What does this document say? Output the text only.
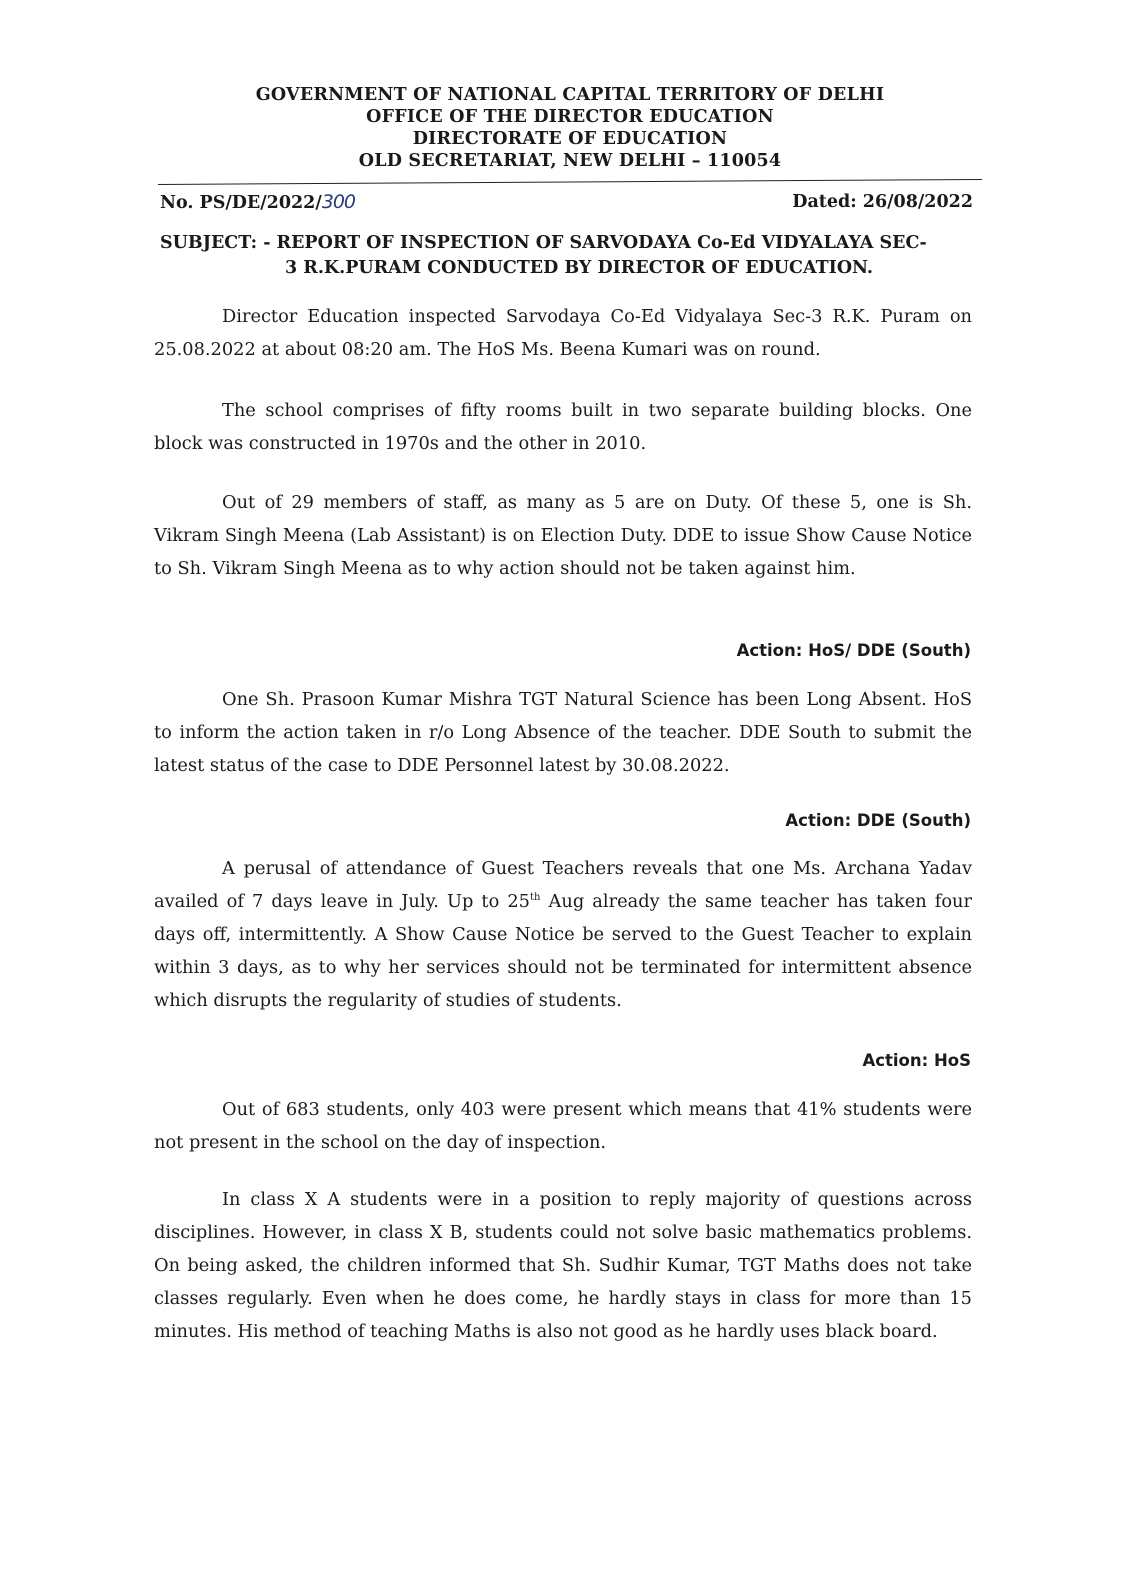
GOVERNMENT OF NATIONAL CAPITAL TERRITORY OF DELHI
OFFICE OF THE DIRECTOR EDUCATION
DIRECTORATE OF EDUCATION
OLD SECRETARIAT, NEW DELHI – 110054
No. PS/DE/2022/300	Dated: 26/08/2022
SUBJECT: - REPORT OF INSPECTION OF SARVODAYA Co-Ed VIDYALAYA SEC-
3 R.K.PURAM CONDUCTED BY DIRECTOR OF EDUCATION.

Director Education inspected Sarvodaya Co-Ed Vidyalaya Sec-3 R.K. Puram on 25.08.2022 at about 08:20 am. The HoS Ms. Beena Kumari was on round.

The school comprises of fifty rooms built in two separate building blocks. One block was constructed in 1970s and the other in 2010.

Out of 29 members of staff, as many as 5 are on Duty. Of these 5, one is Sh. Vikram Singh Meena (Lab Assistant) is on Election Duty. DDE to issue Show Cause Notice to Sh. Vikram Singh Meena as to why action should not be taken against him.

Action: HoS/ DDE (South)

One Sh. Prasoon Kumar Mishra TGT Natural Science has been Long Absent. HoS to inform the action taken in r/o Long Absence of the teacher. DDE South to submit the latest status of the case to DDE Personnel latest by 30.08.2022.

Action: DDE (South)

A perusal of attendance of Guest Teachers reveals that one Ms. Archana Yadav availed of 7 days leave in July. Up to 25th Aug already the same teacher has taken four days off, intermittently. A Show Cause Notice be served to the Guest Teacher to explain within 3 days, as to why her services should not be terminated for intermittent absence which disrupts the regularity of studies of students.

Action: HoS

Out of 683 students, only 403 were present which means that 41% students were not present in the school on the day of inspection.

In class X A students were in a position to reply majority of questions across disciplines. However, in class X B, students could not solve basic mathematics problems. On being asked, the children informed that Sh. Sudhir Kumar, TGT Maths does not take classes regularly. Even when he does come, he hardly stays in class for more than 15 minutes. His method of teaching Maths is also not good as he hardly uses black board.
